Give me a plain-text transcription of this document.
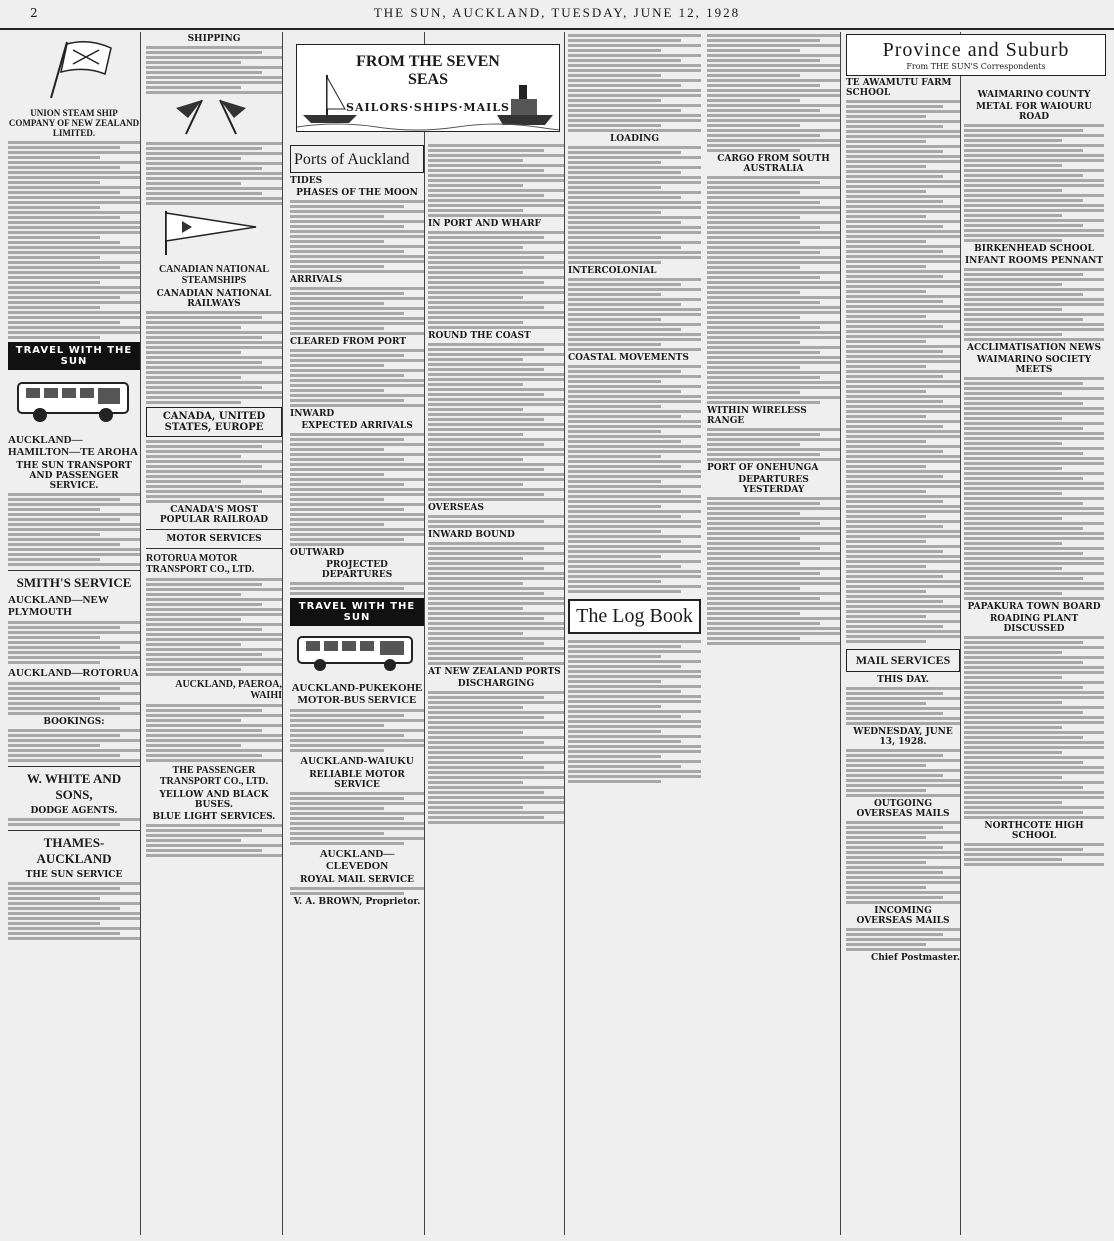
2	THE SUN, AUCKLAND, TUESDAY, JUNE 12, 1928
UNION STEAM SHIP COMPANY OF NEW ZEALAND LIMITED.
TRAVEL WITH THE SUN
AUCKLAND—HAMILTON—TE AROHA
THE SUN TRANSPORT AND PASSENGER SERVICE.
SMITH'S SERVICE
AUCKLAND—NEW PLYMOUTH
AUCKLAND—ROTORUA
BOOKINGS:
W. WHITE AND SONS,
DODGE AGENTS.
THAMES-AUCKLAND
THE SUN SERVICE
SHIPPING
CANADIAN NATIONAL STEAMSHIPS
CANADIAN NATIONAL RAILWAYS
CANADA, UNITED STATES, EUROPE
CANADA'S MOST POPULAR RAILROAD
MOTOR SERVICES
ROTORUA MOTOR TRANSPORT CO., LTD.
AUCKLAND, PAEROA, WAIHI
THE PASSENGER TRANSPORT CO., LTD.
YELLOW AND BLACK BUSES.
BLUE LIGHT SERVICES.
FROM THE SEVEN SEAS
SAILORS·SHIPS·MAILS
Ports of Auckland
TIDES
PHASES OF THE MOON
ARRIVALS
CLEARED FROM PORT
INWARD
EXPECTED ARRIVALS
OUTWARD
PROJECTED DEPARTURES
TRAVEL WITH THE SUN
AUCKLAND-PUKEKOHE MOTOR-BUS SERVICE
AUCKLAND-WAIUKU
RELIABLE MOTOR SERVICE
AUCKLAND—CLEVEDON
ROYAL MAIL SERVICE
V. A. BROWN, Proprietor.
IN PORT AND WHARF
ROUND THE COAST
OVERSEAS
INWARD BOUND
AT NEW ZEALAND PORTS
DISCHARGING
LOADING
INTERCOLONIAL
COASTAL MOVEMENTS
The Log Book
CARGO FROM SOUTH AUSTRALIA
WITHIN WIRELESS RANGE
PORT OF ONEHUNGA
DEPARTURES YESTERDAY
TE AWAMUTU FARM SCHOOL
MAIL SERVICES
THIS DAY.
WEDNESDAY, JUNE 13, 1928.
OUTGOING OVERSEAS MAILS
INCOMING OVERSEAS MAILS
Chief Postmaster.
Province and Suburb
From THE SUN'S Correspondents
WAIMARINO COUNTY
METAL FOR WAIOURU ROAD
BIRKENHEAD SCHOOL
INFANT ROOMS PENNANT
ACCLIMATISATION NEWS
WAIMARINO SOCIETY MEETS
PAPAKURA TOWN BOARD
ROADING PLANT DISCUSSED
NORTHCOTE HIGH SCHOOL
